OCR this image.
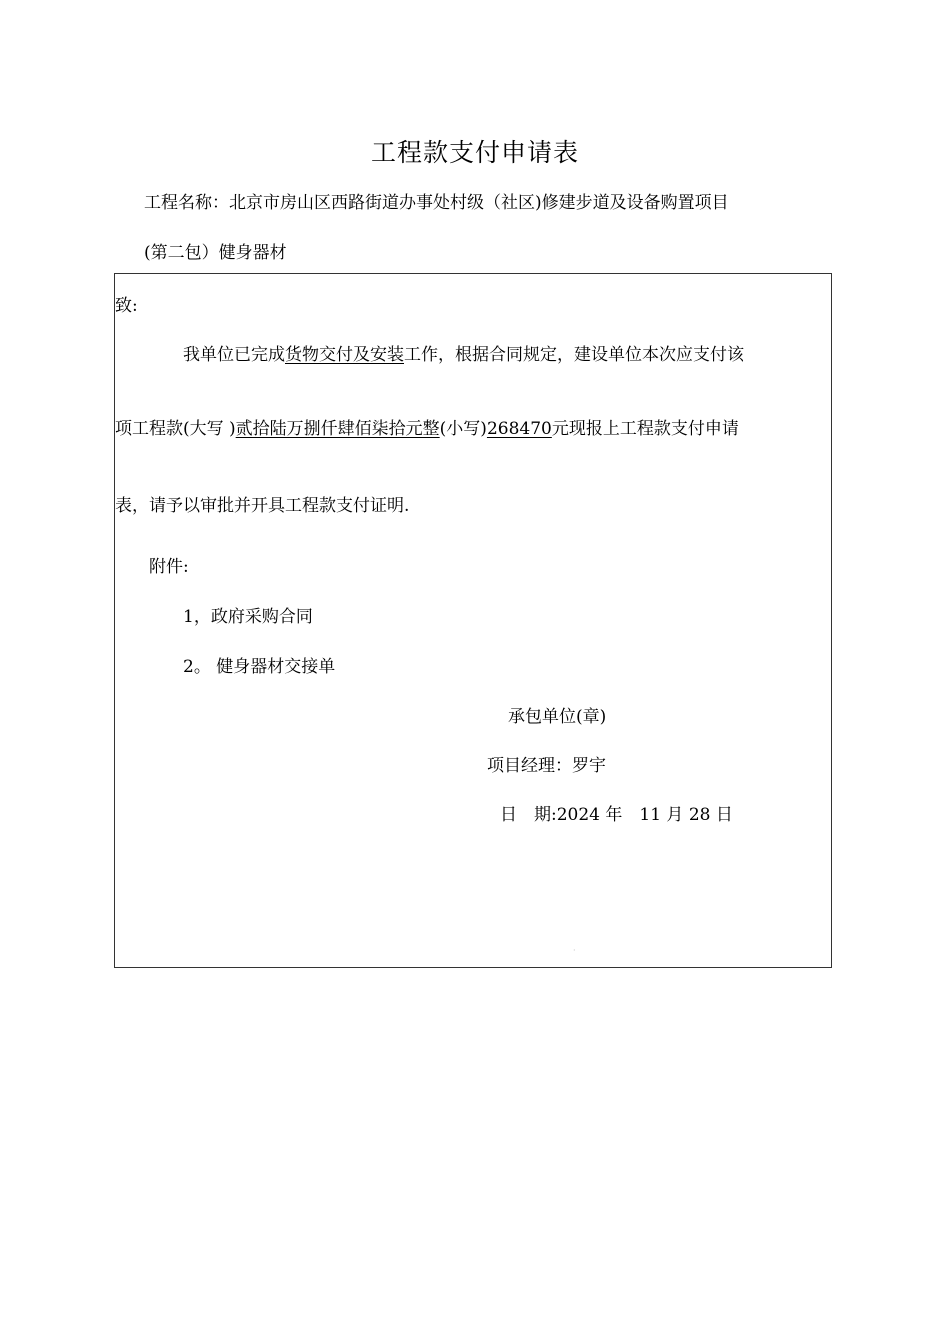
工程款支付申请表
工程名称：北京市房山区西路街道办事处村级（社区)修建步道及设备购置项目
(第二包）健身器材
致:
我单位已完成货物交付及安装工作，根据合同规定，建设单位本次应支付该
项工程款(大写 )贰拾陆万捌仟肆佰柒拾元整(小写)268470元现报上工程款支付申请
表，请予以审批并开具工程款支付证明.
附件:
1，政府采购合同
2。 健身器材交接单
承包单位(章)
项目经理：罗宇
日　期:2024 年　11 月 28 日
·
